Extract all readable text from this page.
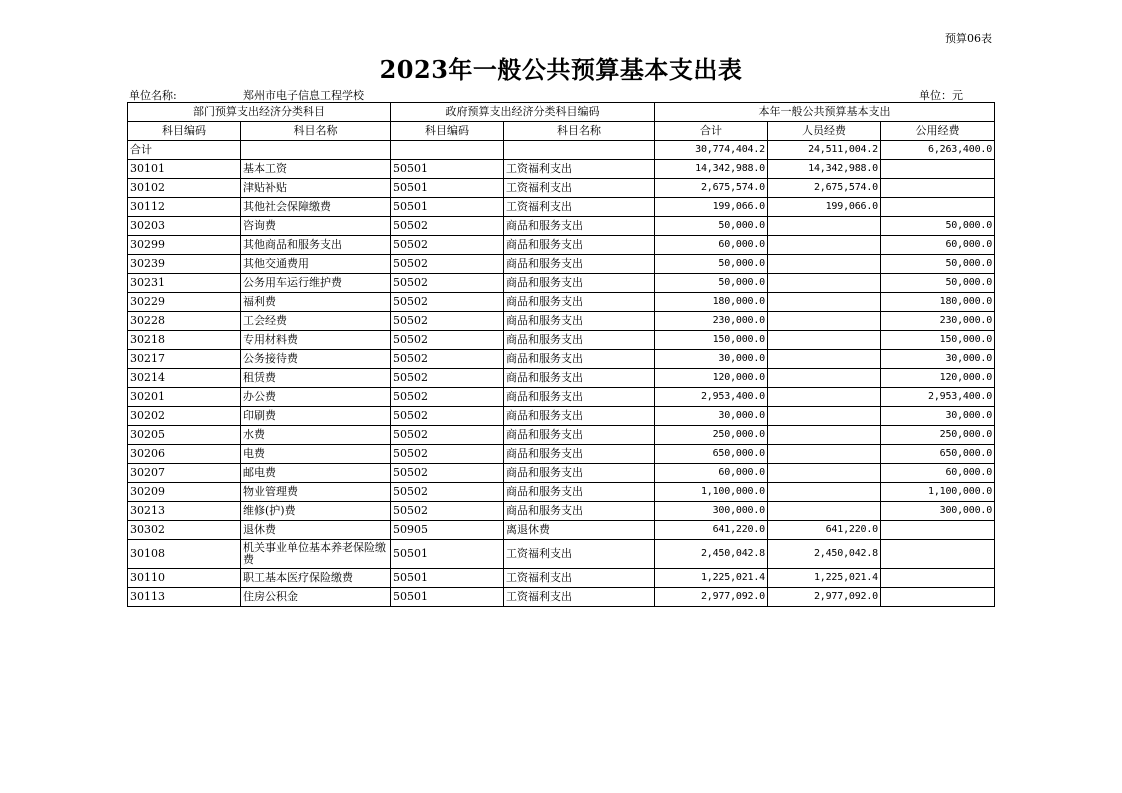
预算06表
2023年一般公共预算基本支出表
单位名称:	郑州市电子信息工程学校	单位：元
部门预算支出经济分类科目		政府预算支出经济分类科目编码		本年一般公共预算基本支出		
科目编码	科目名称	科目编码	科目名称	合计	人员经费	公用经费
合计				30,774,404.2	24,511,004.2	6,263,400.0
30101	基本工资	50501	工资福利支出	14,342,988.0	14,342,988.0	
30102	津贴补贴	50501	工资福利支出	2,675,574.0	2,675,574.0	
30112	其他社会保障缴费	50501	工资福利支出	199,066.0	199,066.0	
30203	咨询费	50502	商品和服务支出	50,000.0		50,000.0
30299	其他商品和服务支出	50502	商品和服务支出	60,000.0		60,000.0
30239	其他交通费用	50502	商品和服务支出	50,000.0		50,000.0
30231	公务用车运行维护费	50502	商品和服务支出	50,000.0		50,000.0
30229	福利费	50502	商品和服务支出	180,000.0		180,000.0
30228	工会经费	50502	商品和服务支出	230,000.0		230,000.0
30218	专用材料费	50502	商品和服务支出	150,000.0		150,000.0
30217	公务接待费	50502	商品和服务支出	30,000.0		30,000.0
30214	租赁费	50502	商品和服务支出	120,000.0		120,000.0
30201	办公费	50502	商品和服务支出	2,953,400.0		2,953,400.0
30202	印刷费	50502	商品和服务支出	30,000.0		30,000.0
30205	水费	50502	商品和服务支出	250,000.0		250,000.0
30206	电费	50502	商品和服务支出	650,000.0		650,000.0
30207	邮电费	50502	商品和服务支出	60,000.0		60,000.0
30209	物业管理费	50502	商品和服务支出	1,100,000.0		1,100,000.0
30213	维修(护)费	50502	商品和服务支出	300,000.0		300,000.0
30302	退休费	50905	离退休费	641,220.0	641,220.0	
30108	机关事业单位基本养老保险缴费	50501	工资福利支出	2,450,042.8	2,450,042.8	
30110	职工基本医疗保险缴费	50501	工资福利支出	1,225,021.4	1,225,021.4	
30113	住房公积金	50501	工资福利支出	2,977,092.0	2,977,092.0	
